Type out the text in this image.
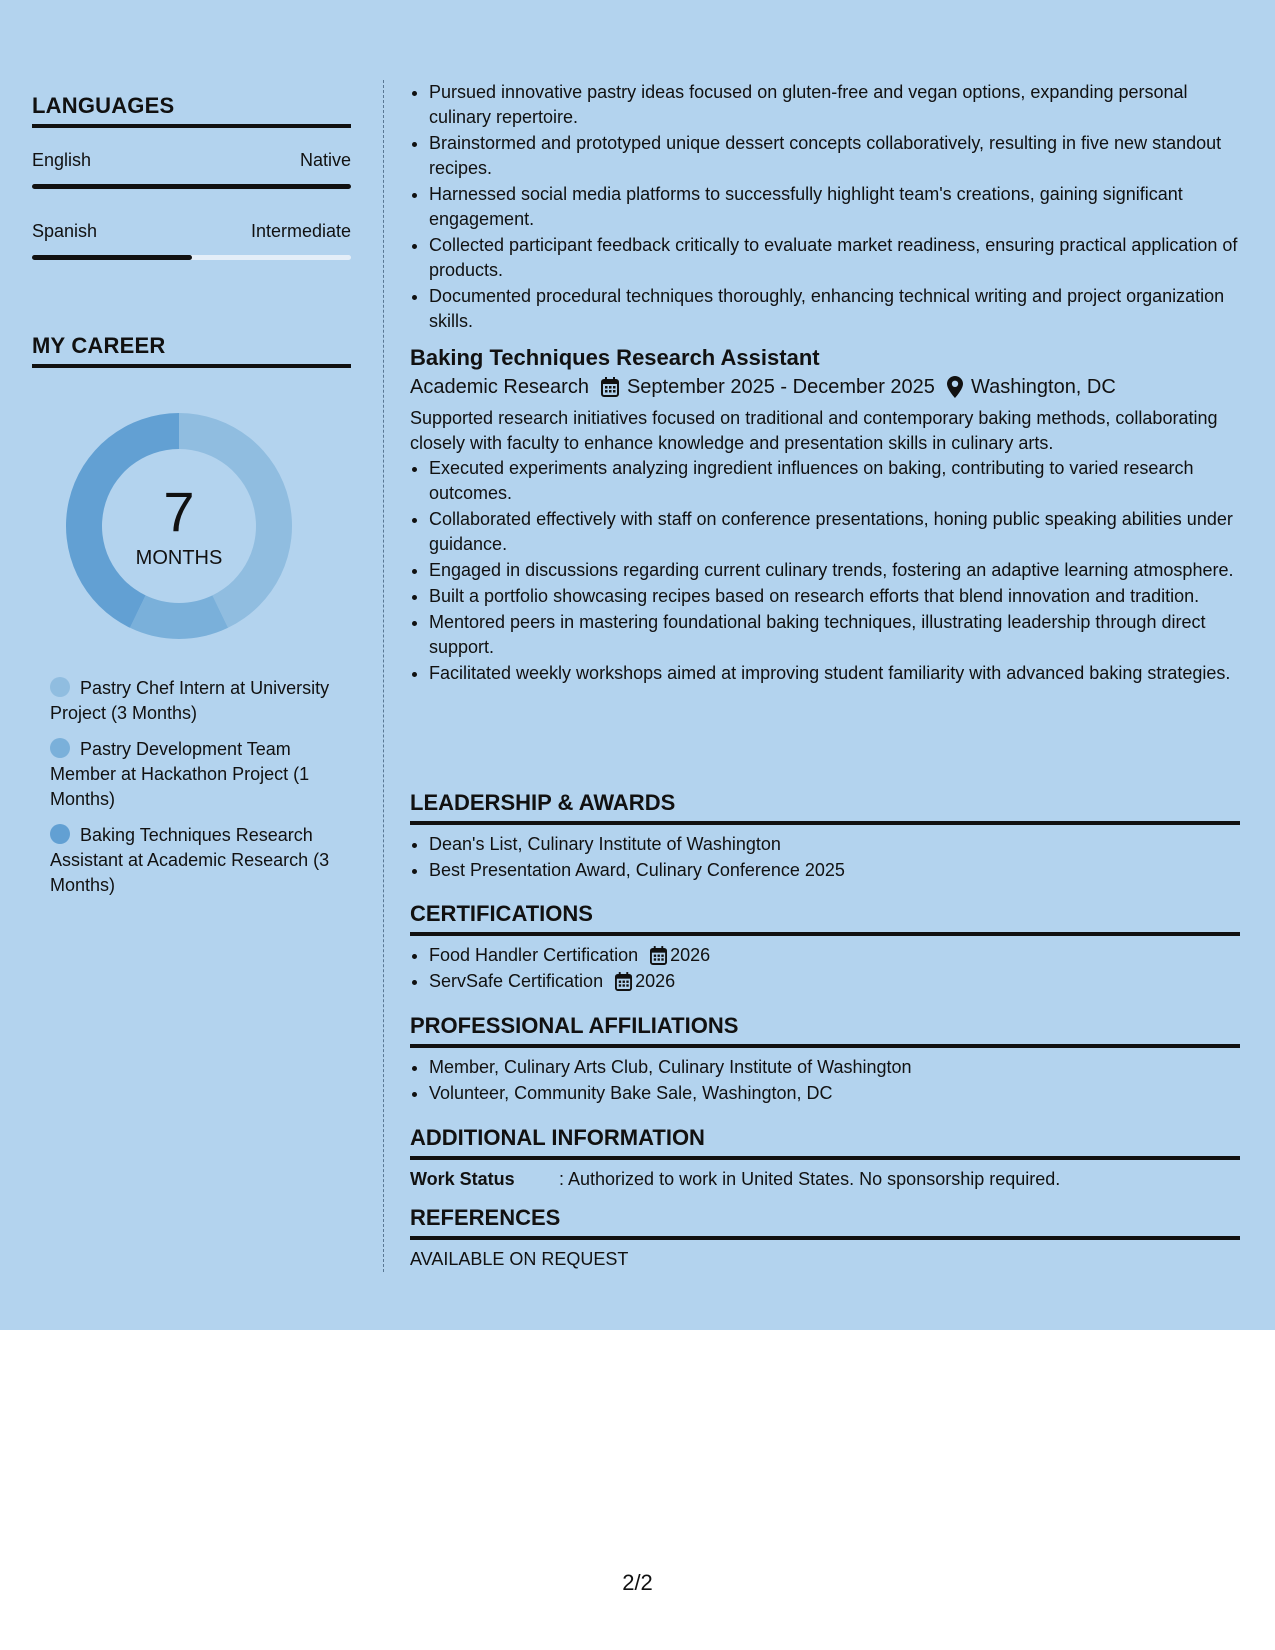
LANGUAGES
English	Native
Spanish	Intermediate
MY CAREER
7
MONTHS
Pastry Chef Intern at University Project (3 Months)
Pastry Development Team Member at Hackathon Project (1 Months)
Baking Techniques Research Assistant at Academic Research (3 Months)
• Pursued innovative pastry ideas focused on gluten-free and vegan options, expanding personal culinary repertoire.
• Brainstormed and prototyped unique dessert concepts collaboratively, resulting in five new standout recipes.
• Harnessed social media platforms to successfully highlight team's creations, gaining significant engagement.
• Collected participant feedback critically to evaluate market readiness, ensuring practical application of products.
• Documented procedural techniques thoroughly, enhancing technical writing and project organization skills.
Baking Techniques Research Assistant
Academic Research September 2025 - December 2025 Washington, DC
Supported research initiatives focused on traditional and contemporary baking methods, collaborating closely with faculty to enhance knowledge and presentation skills in culinary arts.
• Executed experiments analyzing ingredient influences on baking, contributing to varied research outcomes.
• Collaborated effectively with staff on conference presentations, honing public speaking abilities under guidance.
• Engaged in discussions regarding current culinary trends, fostering an adaptive learning atmosphere.
• Built a portfolio showcasing recipes based on research efforts that blend innovation and tradition.
• Mentored peers in mastering foundational baking techniques, illustrating leadership through direct support.
• Facilitated weekly workshops aimed at improving student familiarity with advanced baking strategies.
LEADERSHIP & AWARDS
• Dean's List, Culinary Institute of Washington
• Best Presentation Award, Culinary Conference 2025
CERTIFICATIONS
• Food Handler Certification 2026
• ServSafe Certification 2026
PROFESSIONAL AFFILIATIONS
• Member, Culinary Arts Club, Culinary Institute of Washington
• Volunteer, Community Bake Sale, Washington, DC
ADDITIONAL INFORMATION
Work Status	: Authorized to work in United States. No sponsorship required.
REFERENCES
AVAILABLE ON REQUEST
2/2
